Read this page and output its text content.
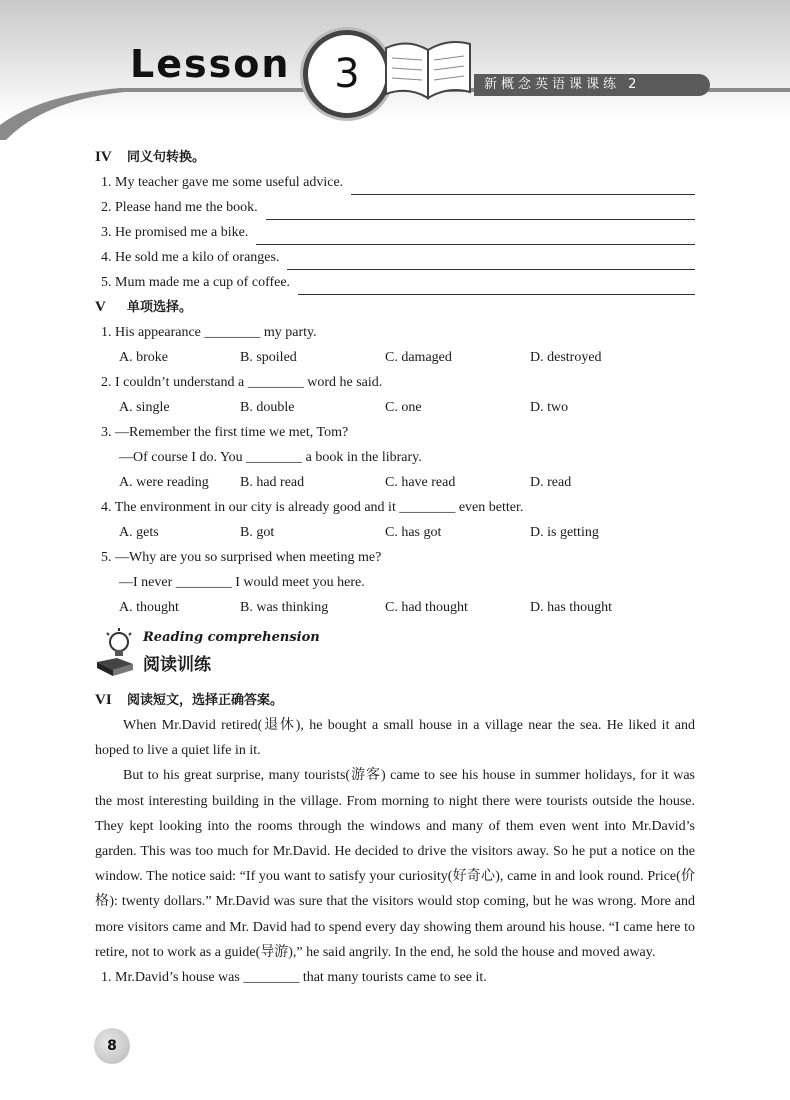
Lesson	3	新概念英语课课练 2
IV 同义句转换。
1. My teacher gave me some useful advice.
2. Please hand me the book.
3. He promised me a bike.
4. He sold me a kilo of oranges.
5. Mum made me a cup of coffee.
V 单项选择。
1. His appearance ________ my party.
A. broke	B. spoiled	C. damaged	D. destroyed
2. I couldn’t understand a ________ word he said.
A. single	B. double	C. one	D. two
3. —Remember the first time we met, Tom?
—Of course I do. You ________ a book in the library.
A. were reading	B. had read	C. have read	D. read
4. The environment in our city is already good and it ________ even better.
A. gets	B. got	C. has got	D. is getting
5. —Why are you so surprised when meeting me?
—I never ________ I would meet you here.
A. thought	B. was thinking	C. had thought	D. has thought
Reading comprehension
阅读训练
VI 阅读短文，选择正确答案。

When Mr.David retired(退休), he bought a small house in a village near the sea. He liked it and hoped to live a quiet life in it.

But to his great surprise, many tourists(游客) came to see his house in summer holidays, for it was the most interesting building in the village. From morning to night there were tourists outside the house. They kept looking into the rooms through the windows and many of them even went into Mr.David’s garden. This was too much for Mr.David. He decided to drive the visitors away. So he put a notice on the window. The notice said: “If you want to satisfy your curiosity(好奇心), came in and look round. Price(价格): twenty dollars.” Mr.David was sure that the visitors would stop coming, but he was wrong. More and more visitors came and Mr. David had to spend every day showing them around his house. “I came here to retire, not to work as a guide(导游),” he said angrily. In the end, he sold the house and moved away.

1. Mr.David’s house was ________ that many tourists came to see it.
8
